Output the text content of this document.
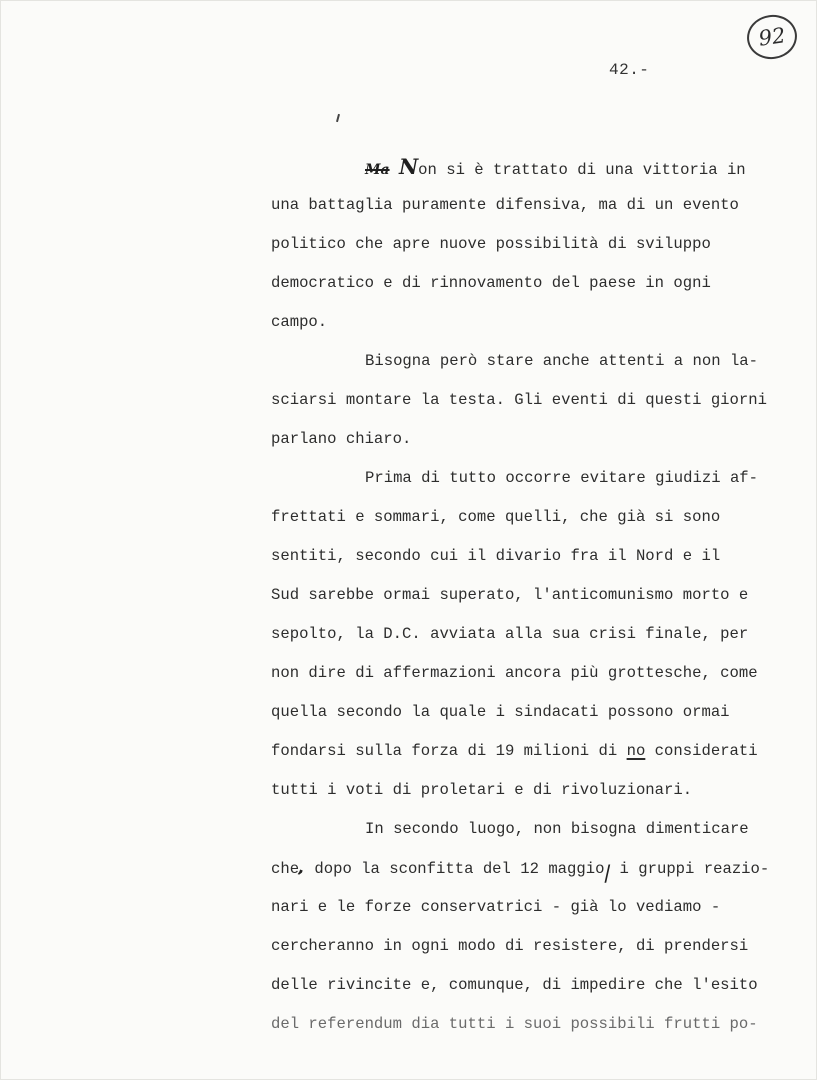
92
42.-
Ma Non si è trattato di una vittoria in
una battaglia puramente difensiva, ma di un evento
politico che apre nuove possibilità di sviluppo
democratico e di rinnovamento del paese in ogni
campo.
Bisogna però stare anche attenti a non la-
sciarsi montare la testa. Gli eventi di questi giorni
parlano chiaro.
Prima di tutto occorre evitare giudizi af-
frettati e sommari, come quelli, che già si sono
sentiti, secondo cui il divario fra il Nord e il
Sud sarebbe ormai superato, l'anticomunismo morto e
sepolto, la D.C. avviata alla sua crisi finale, per
non dire di affermazioni ancora più grottesche, come
quella secondo la quale i sindacati possono ormai
fondarsi sulla forza di 19 milioni di no considerati
tutti i voti di proletari e di rivoluzionari.
In secondo luogo, non bisogna dimenticare
che, dopo la sconfitta del 12 maggio/ i gruppi reazio-
nari e le forze conservatrici - già lo vediamo -
cercheranno in ogni modo di resistere, di prendersi
delle rivincite e, comunque, di impedire che l'esito
del referendum dia tutti i suoi possibili frutti po-
